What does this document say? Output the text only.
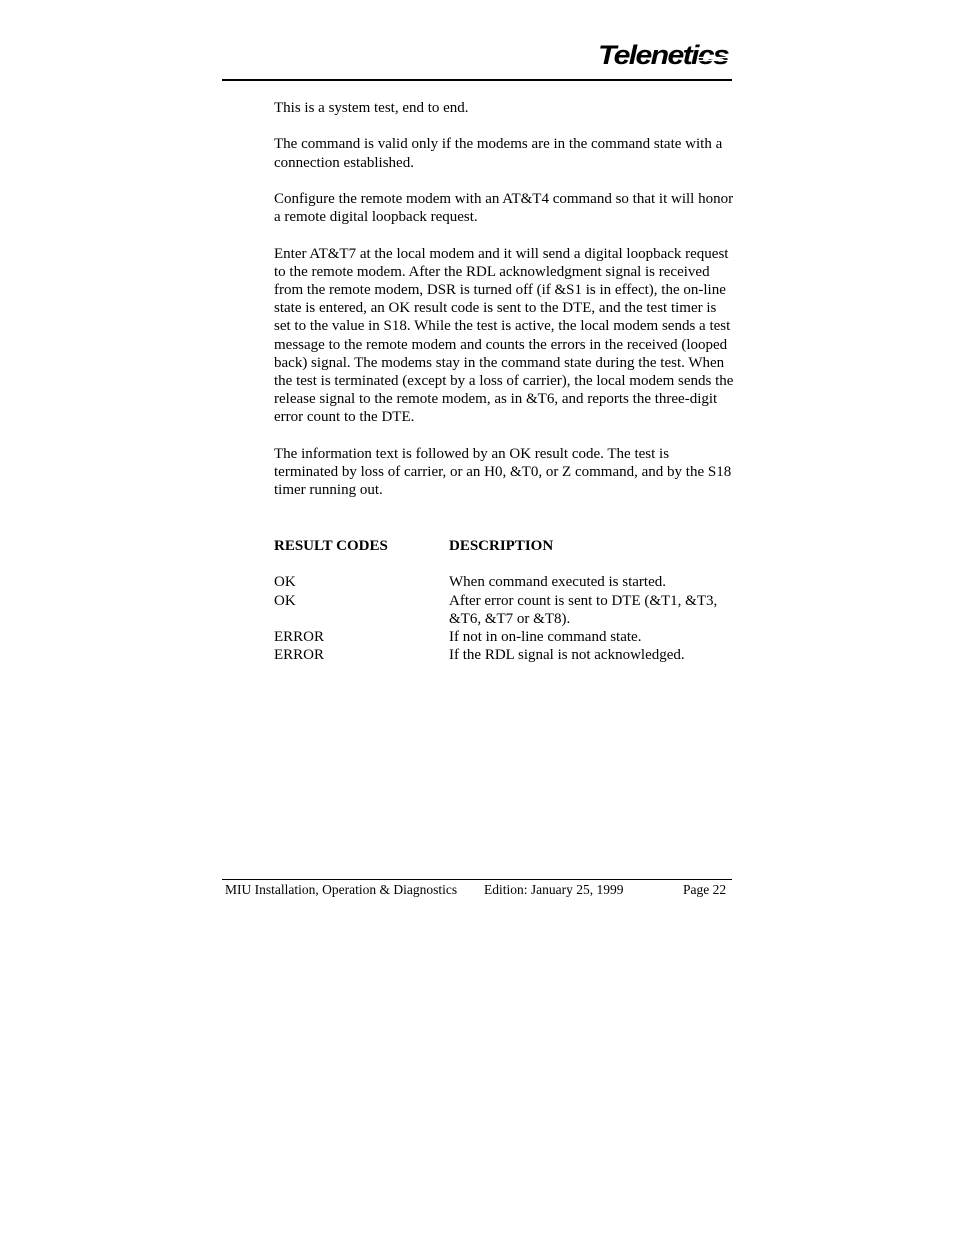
Telenetics

This is a system test, end to end.

The command is valid only if the modems are in the command state with a connection established.

Configure the remote modem with an AT&T4 command so that it will honor a remote digital loopback request.

Enter AT&T7 at the local modem and it will send a digital loopback request to the remote modem. After the RDL acknowledgment signal is received from the remote modem, DSR is turned off (if &S1 is in effect), the on-line state is entered, an OK result code is sent to the DTE, and the test timer is set to the value in S18. While the test is active, the local modem sends a test message to the remote modem and counts the errors in the received (looped back) signal. The modems stay in the command state during the test. When the test is terminated (except by a loss of carrier), the local modem sends the release signal to the remote modem, as in &T6, and reports the three-digit error count to the DTE.

The information text is followed by an OK result code. The test is terminated by loss of carrier, or an H0, &T0, or Z command, and by the S18 timer running out.

RESULT CODES	DESCRIPTION
OK	When command executed is started.
OK	After error count is sent to DTE (&T1, &T3, &T6, &T7 or &T8).
ERROR	If not in on-line command state.
ERROR	If the RDL signal is not acknowledged.
MIU Installation, Operation & Diagnostics Edition: January 25, 1999	Page 22
